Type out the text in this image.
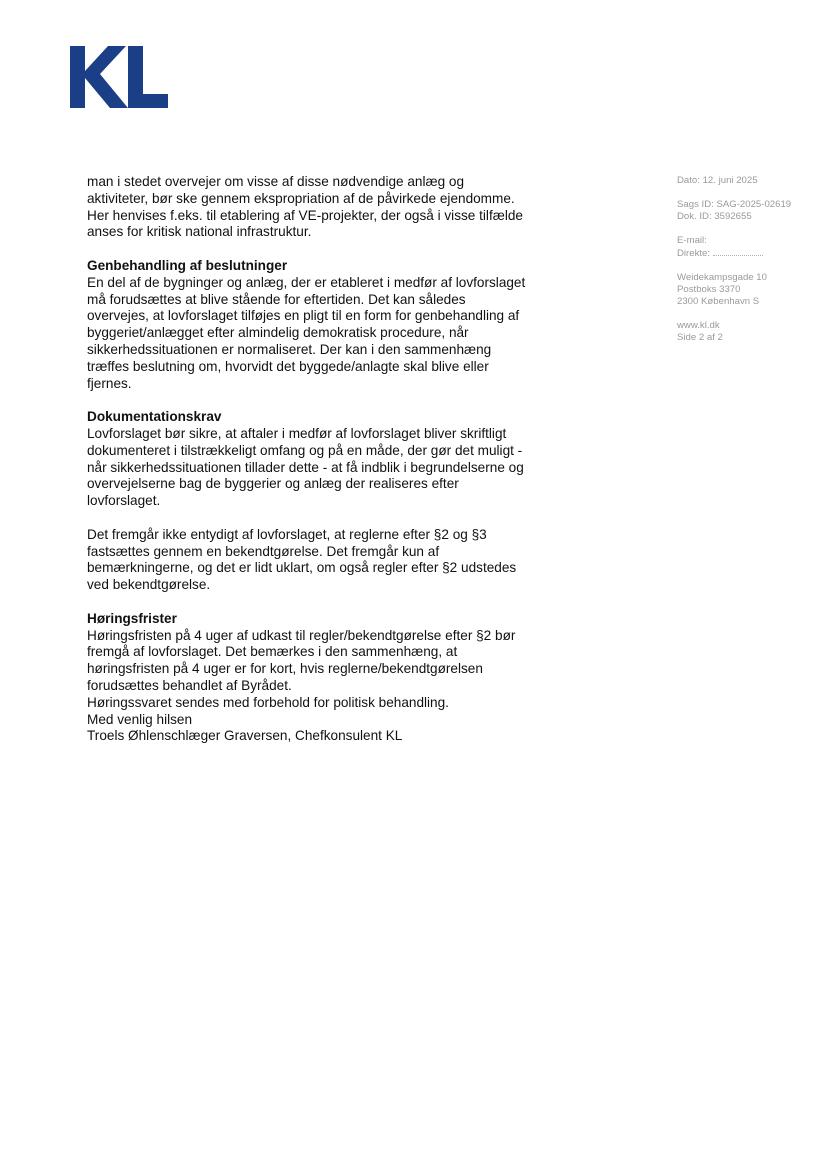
Dato: 12. juni 2025
Sags ID: SAG-2025-02619
Dok. ID: 3592655
E-mail:
Direkte:
Weidekampsgade 10
Postboks 3370
2300 København S
www.kl.dk
Side 2 af 2

man i stedet overvejer om visse af disse nødvendige anlæg og

aktiviteter, bør ske gennem ekspropriation af de påvirkede ejendomme.

Her henvises f.eks. til etablering af VE-projekter, der også i visse tilfælde

anses for kritisk national infrastruktur.

Genbehandling af beslutninger

En del af de bygninger og anlæg, der er etableret i medfør af lovforslaget

må forudsættes at blive stående for eftertiden. Det kan således

overvejes, at lovforslaget tilføjes en pligt til en form for genbehandling af

byggeriet/anlægget efter almindelig demokratisk procedure, når

sikkerhedssituationen er normaliseret. Der kan i den sammenhæng

træffes beslutning om, hvorvidt det byggede/anlagte skal blive eller

fjernes.

Dokumentationskrav

Lovforslaget bør sikre, at aftaler i medfør af lovforslaget bliver skriftligt

dokumenteret i tilstrækkeligt omfang og på en måde, der gør det muligt -

når sikkerhedssituationen tillader dette - at få indblik i begrundelserne og

overvejelserne bag de byggerier og anlæg der realiseres efter

lovforslaget.

Det fremgår ikke entydigt af lovforslaget, at reglerne efter §2 og §3

fastsættes gennem en bekendtgørelse. Det fremgår kun af

bemærkningerne, og det er lidt uklart, om også regler efter §2 udstedes

ved bekendtgørelse.

Høringsfrister

Høringsfristen på 4 uger af udkast til regler/bekendtgørelse efter §2 bør

fremgå af lovforslaget. Det bemærkes i den sammenhæng, at

høringsfristen på 4 uger er for kort, hvis reglerne/bekendtgørelsen

forudsættes behandlet af Byrådet.

Høringssvaret sendes med forbehold for politisk behandling.

Med venlig hilsen

Troels Øhlenschlæger Graversen, Chefkonsulent KL
